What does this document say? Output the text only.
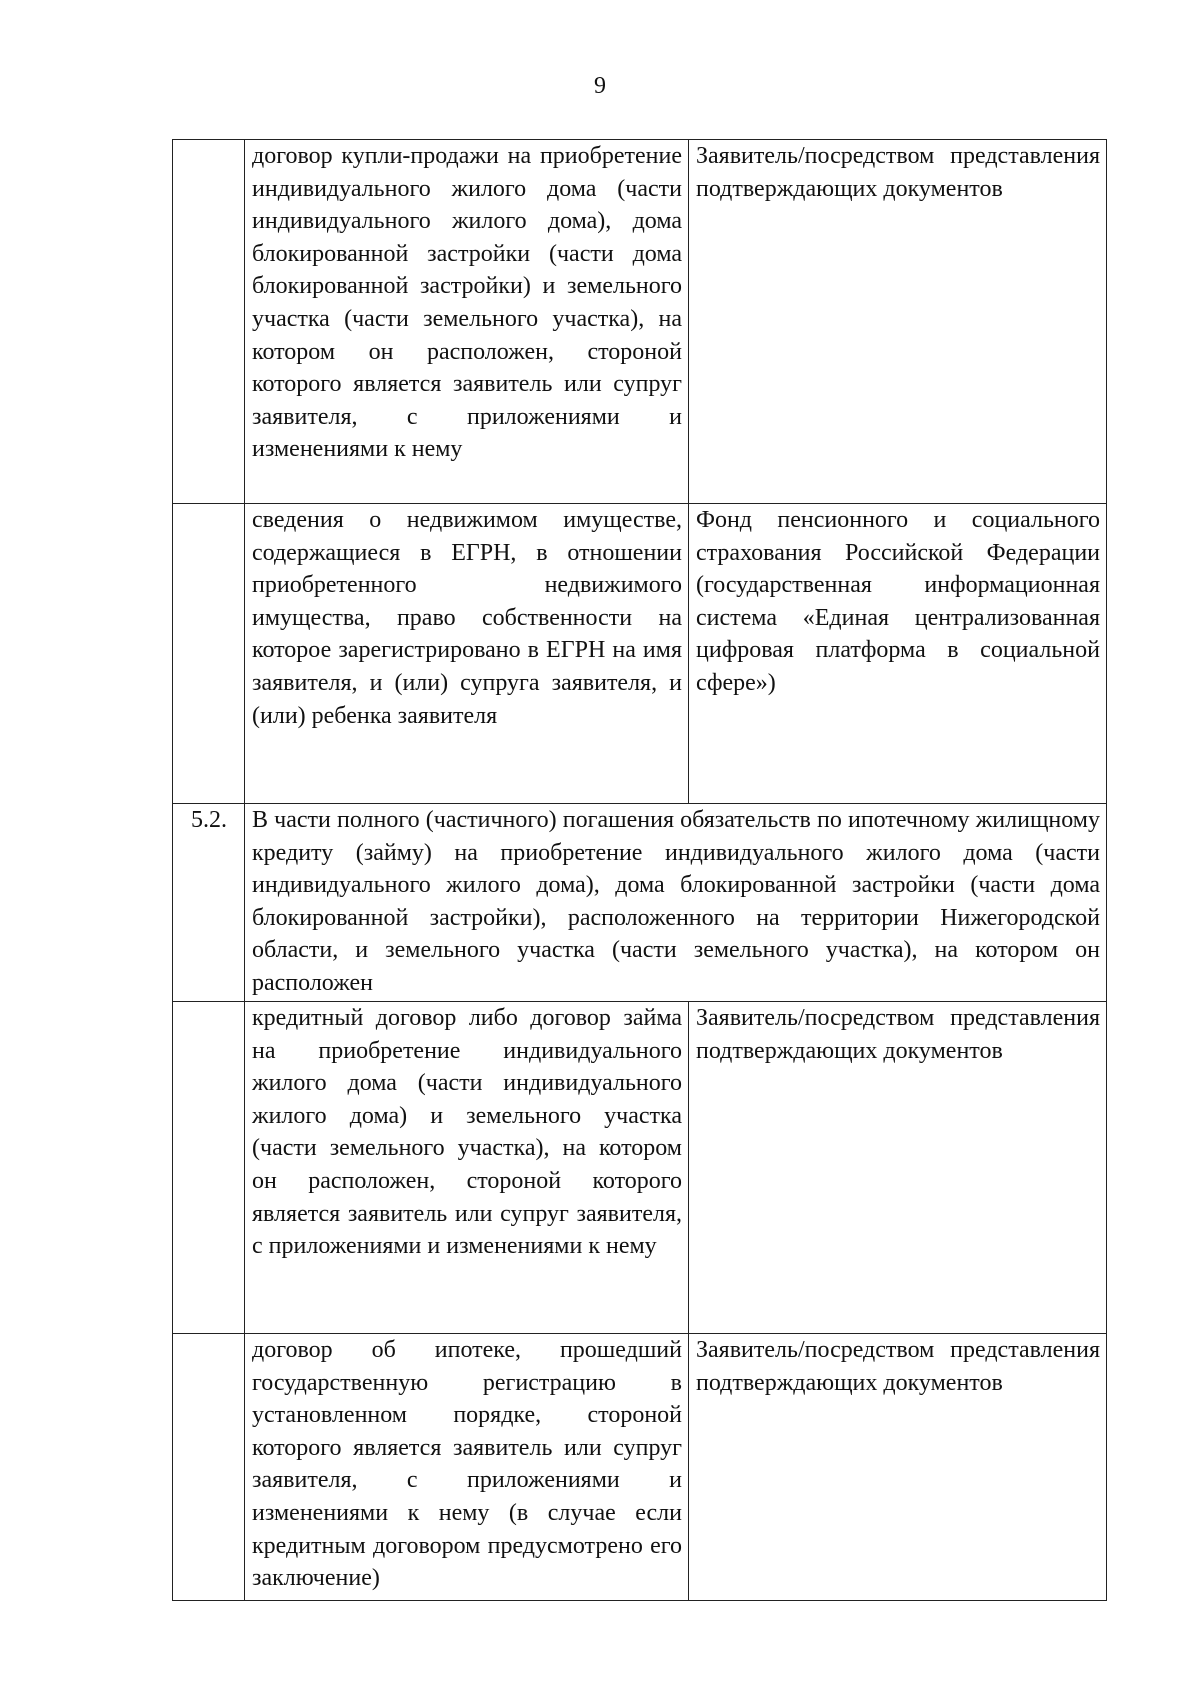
9
	договор купли-продажи на приобретение индивидуального жилого дома (части индивидуального жилого дома), дома блокированной застройки (части дома блокированной застройки) и земельного участка (части земельного участка), на котором он расположен, стороной которого является заявитель или супруг заявителя, с приложениями и изменениями к нему	Заявитель/посредством представления подтверждающих документов
	сведения о недвижимом имуществе, содержащиеся в ЕГРН, в отношении приобретенного недвижимого имущества, право собственности на которое зарегистрировано в ЕГРН на имя заявителя, и (или) супруга заявителя, и (или) ребенка заявителя	Фонд пенсионного и социального страхования Российской Федерации (государственная информационная система «Единая централизованная цифровая платформа в социальной сфере»)
5.2.	В части полного (частичного) погашения обязательств по ипотечному жилищному кредиту (займу) на приобретение индивидуального жилого дома (части индивидуального жилого дома), дома блокированной застройки (части дома блокированной застройки), расположенного на территории Нижегородской области, и земельного участка (части земельного участка), на котором он расположен	
	кредитный договор либо договор займа на приобретение индивидуального жилого дома (части индивидуального жилого дома) и земельного участка (части земельного участка), на котором он расположен, стороной которого является заявитель или супруг заявителя, с приложениями и изменениями к нему	Заявитель/посредством представления подтверждающих документов
	договор об ипотеке, прошедший государственную регистрацию в установленном порядке, стороной которого является заявитель или супруг заявителя, с приложениями и изменениями к нему (в случае если кредитным договором предусмотрено его заключение)	Заявитель/посредством представления подтверждающих документов
